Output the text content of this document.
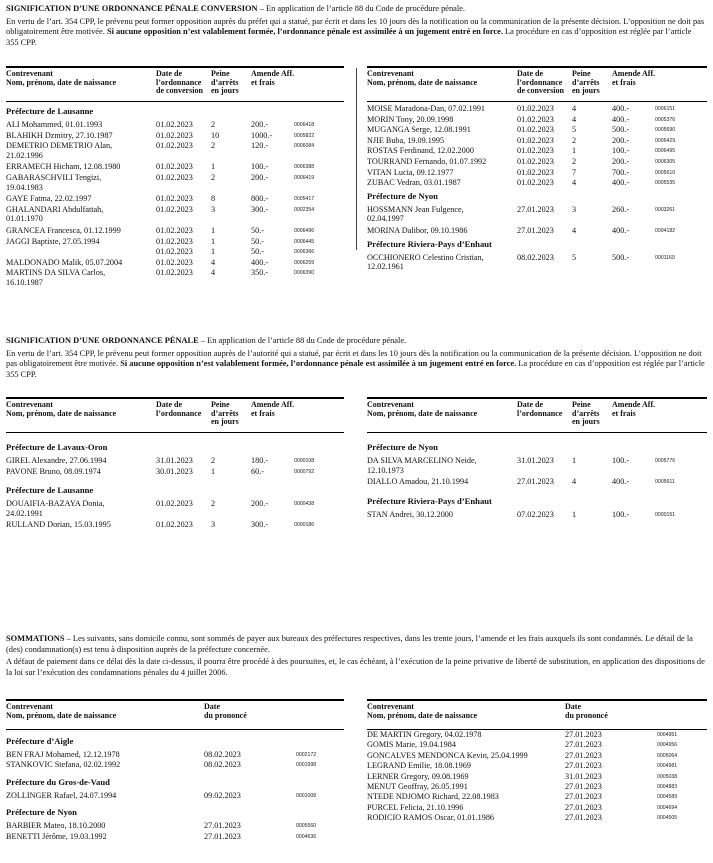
SIGNIFICATION D’UNE ORDONNANCE PÉNALE CONVERSION – En application de l’article 88 du Code de procédure pénale.

En vertu de l’art. 354 CPP, le prévenu peut former opposition auprès du préfet qui a statué, par écrit et dans les 10 jours dès la notification ou la communication de la présente décision. L’opposition ne doit pas obligatoirement être motivée. Si aucune opposition n’est valablement formée, l’ordonnance pénale est assimilée à un jugement entré en force. La procédure en cas d’opposition est réglée par l’article 355 CPP.

Contrevenant
Nom, prénom, date de naissance
Date de
l’ordonnance
de conversion
Peine
d’arrêts
en jours
Amende
et frais
Aff.
Préfecture de Lausanne
ALI Mohammed, 01.01.1993	01.02.2023 2	200.-	0006418
BLAHIKH Dzmitry, 27.10.1987	01.02.2023 10	1000.-	0005822
DEMETRIO DEMETRIO Alan,
21.02.1996
01.02.2023 2	120.-	0006084
ERRAMECH Hicham, 12.08.1980	01.02.2023 1	100.-	0006388
GABARASCHVILI Tengizi,
19.04.1983
01.02.2023 2	200.-	0006419
GAYE Fatma, 22.02.1997	01.02.2023 8	800.-	0005417
GHALANDARI Abdulfattah,
01.01.1970
01.02.2023 3	300.-	0002354
GRANCEA Francesca, 01.12.1999	01.02.2023 1	50.-	0006496
JAGGI Baptiste, 27.05.1994	01.02.2023 1	50.-	0006445
01.02.2023 1	50.-	0006366
MALDONADO Malik, 05.07.2004	01.02.2023 4	400.-	0006259
MARTINS DA SILVA Carlos,
16.10.1987
01.02.2023 4	350.-	0006390
Contrevenant
Nom, prénom, date de naissance
Date de
l’ordonnance
de conversion
Peine
d’arrêts
en jours
Amende
et frais
Aff.
MOISE Maradona-Dan, 07.02.1991	01.02.2023 4	400.-	0006151
MORIN Tony, 20.09.1998	01.02.2023 4	400.-	0005376
MUGANGA Serge, 12.08.1991	01.02.2023 5	500.-	0005690
NJIE Buba, 19.09.1995	01.02.2023 2	200.-	0006429
ROSTAS Ferdinand, 12.02.2000	01.02.2023 1	100.-	0006495
TOURRAND Fernando, 01.07.1992	01.02.2023 2	200.-	0006305
VITAN Lucia, 09.12.1977	01.02.2023 7	700.-	0005610
ZUBAC Vedran, 03.01.1987	01.02.2023 4	400.-	0005535
Préfecture de Nyon
HOSSMANN Jean Fulgence,
02.04.1997
27.01.2023 3	260.-	0003261
MORINA Dalibor, 09.10.1986	27.01.2023 4	400.-	0004182
Préfecture Riviera-Pays d’Enhaut
OCCHIONERO Celestino Cristian,
12.02.1961
08.02.2023 5	500.-	0001169

SIGNIFICATION D’UNE ORDONNANCE PÉNALE – En application de l’article 88 du Code de procédure pénale.

En vertu de l’art. 354 CPP, le prévenu peut former opposition auprès de l’autorité qui a statué, par écrit et dans les 10 jours dès la notification ou la communication de la présente décision. L’opposition ne doit pas obligatoirement être motivée. Si aucune opposition n’est valablement formée, l’ordonnance pénale est assimilée à un jugement entré en force. La procédure en cas d’opposition est réglée par l’article 355 CPP.

Contrevenant
Nom, prénom, date de naissance
Date de
l’ordonnance
Peine
d’arrêts
en jours
Amende
et frais
Aff.
Préfecture de Lavaux-Oron
GIREL Alexandre, 27.06.1994	31.01.2023 2	180.-	0000108
PAVONE Bruno, 08.09.1974	30.01.2023 1	60.-	0000792
Préfecture de Lausanne
DOUAIFIA-BAZAYA Donia,
24.02.1991
01.02.2023 2	200.-	0000438
RULLAND Dorian, 15.03.1995	01.02.2023 3	300.-	0000186
Contrevenant
Nom, prénom, date de naissance
Date de
l’ordonnance
Peine
d’arrêts
en jours
Amende
et frais
Aff.
Préfecture de Nyon
DA SILVA MARCELINO Neide,
12.10.1973
31.01.2023 1	100.-	0005776
DIALLO Amadou, 21.10.1994	27.01.2023 4	400.-	0005611
Préfecture Riviera-Pays d’Enhaut
STAN Andrei, 30.12.2000	07.02.2023 1	100.-	0000151

SOMMATIONS – Les suivants, sans domicile connu, sont sommés de payer aux bureaux des préfectures respectives, dans les trente jours, l’amende et les frais auxquels ils sont condamnés. Le détail de la (des) condamnation(s) est tenu à disposition auprès de la préfecture concernée.

A défaut de paiement dans ce délai dès la date ci-dessus, il pourra être procédé à des poursuites, et, le cas échéant, à l’exécution de la peine privative de liberté de substitution, en application des dispositions de la loi sur l’exécution des condamnations pénales du 4 juillet 2006.

Contrevenant
Nom, prénom, date de naissance
Date
du prononcé
Préfecture d’Aigle
BEN FRAJ Mohamed, 12.12.1978	08.02.2023	0002172
STANKOVIC Stefana, 02.02.1992	08.02.2023	0001998
Préfecture du Gros-de-Vaud
ZOLLINGER Rafael, 24.07.1994	09.02.2023	0001008
Préfecture de Nyon
BARBIER Mateo, 18.10.2000	27.01.2023	0005560
BENETTI Jérôme, 19.03.1992	27.01.2023	0004636
Contrevenant
Nom, prénom, date de naissance
Date
du prononcé
DE MARTIN Gregory, 04.02.1978	27.01.2023	0004951
GOMIS Marie, 19.04.1984	27.01.2023	0004956
GONCALVES MENDONCA Kevin, 25.04.1999	27.01.2023	0005064
LEGRAND Emilie, 18.08.1969	27.01.2023	0004981
LERNER Gregory, 09.08.1969	31.01.2023	0005038
MENUT Geoffray, 26.05.1991	27.01.2023	0004883
NTEDE NDJOMO Richard, 22.08.1983	27.01.2023	0004589
PURCEL Felicia, 21.10.1996	27.01.2023	0004694
RODICIO RAMOS Oscar, 01.01.1986	27.01.2023	0004505
